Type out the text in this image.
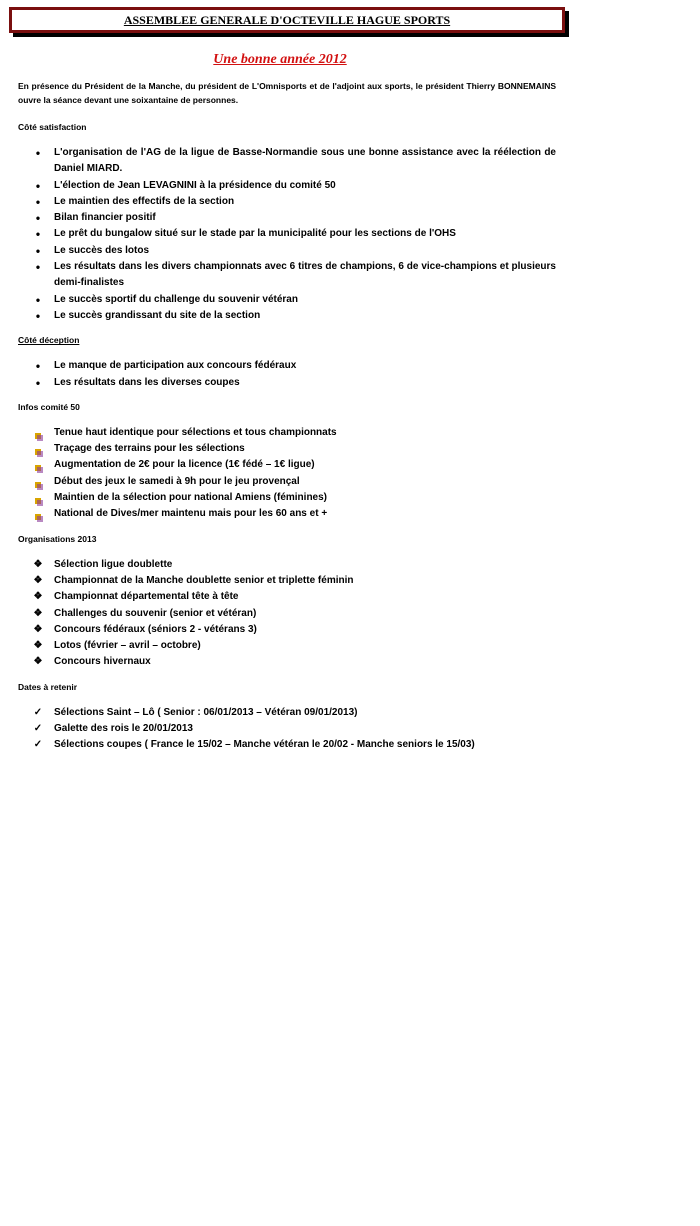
ASSEMBLEE GENERALE D'OCTEVILLE HAGUE SPORTS
Une bonne année 2012

En présence du Président de la Manche, du président de L'Omnisports et de l'adjoint aux sports, le président Thierry BONNEMAINS ouvre la séance devant une soixantaine de personnes.

Côté satisfaction

•
L'organisation de l'AG de la ligue de Basse-Normandie sous une bonne assistance avec la réélection de Daniel MIARD.
•
L'élection de Jean LEVAGNINI à la présidence du comité 50
•
Le maintien des effectifs de la section
•
Bilan financier positif
•
Le prêt du bungalow situé sur le stade par la municipalité pour les sections de l'OHS
•
Le succès des lotos
•
Les résultats dans les divers championnats avec 6 titres de champions, 6 de vice-champions et plusieurs demi-finalistes
•
Le succès sportif du challenge du souvenir vétéran
•
Le succès grandissant du site de la section

Côté déception

•
Le manque de participation aux concours fédéraux
•
Les résultats dans les diverses coupes

Infos comité 50

Tenue haut identique pour sélections et tous championnats
Traçage des terrains pour les sélections
Augmentation de 2€ pour la licence (1€ fédé – 1€ ligue)
Début des jeux le samedi à 9h pour le jeu provençal
Maintien de la sélection pour national Amiens (féminines)
National de Dives/mer maintenu mais pour les 60 ans et +

Organisations 2013

❖
Sélection ligue doublette
❖
Championnat de la Manche doublette senior et triplette féminin
❖
Championnat départemental tête à tête
❖
Challenges du souvenir (senior et vétéran)
❖
Concours fédéraux (séniors 2 - vétérans 3)
❖
Lotos (février – avril – octobre)
❖
Concours hivernaux

Dates à retenir

✓
Sélections Saint – Lô ( Senior : 06/01/2013 – Vétéran 09/01/2013)
✓
Galette des rois le 20/01/2013
✓
Sélections coupes ( France le 15/02 – Manche vétéran le 20/02 - Manche seniors le 15/03)
